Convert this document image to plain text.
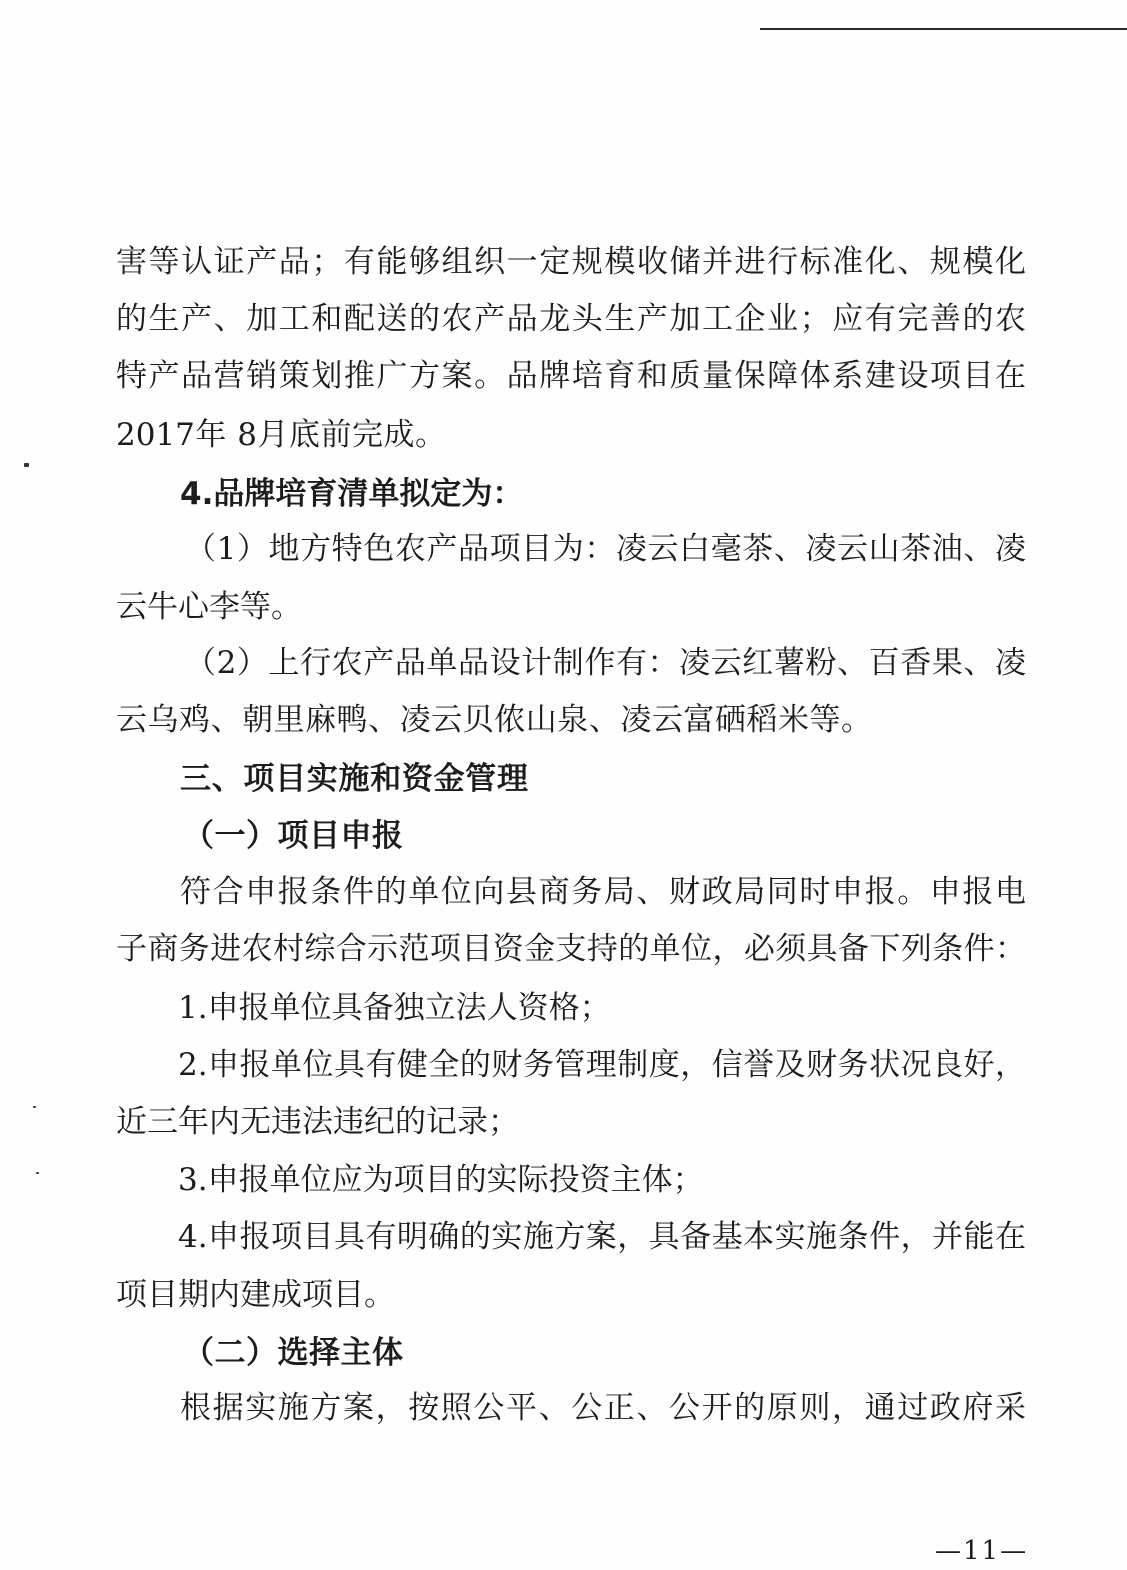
害等认证产品；有能够组织一定规模收储并进行标准化、规模化
的生产、加工和配送的农产品龙头生产加工企业；应有完善的农
特产品营销策划推广方案。品牌培育和质量保障体系建设项目在
2017年 8月底前完成。
4.品牌培育清单拟定为：
（1）地方特色农产品项目为：凌云白毫茶、凌云山茶油、凌
云牛心李等。
（2）上行农产品单品设计制作有：凌云红薯粉、百香果、凌
云乌鸡、朝里麻鸭、凌云贝侬山泉、凌云富硒稻米等。
三、项目实施和资金管理
（一）项目申报
符合申报条件的单位向县商务局、财政局同时申报。申报电
子商务进农村综合示范项目资金支持的单位，必须具备下列条件：
1.申报单位具备独立法人资格；
2.申报单位具有健全的财务管理制度，信誉及财务状况良好，
近三年内无违法违纪的记录；
3.申报单位应为项目的实际投资主体；
4.申报项目具有明确的实施方案，具备基本实施条件，并能在
项目期内建成项目。
（二）选择主体
根据实施方案，按照公平、公正、公开的原则，通过政府采
—11—
